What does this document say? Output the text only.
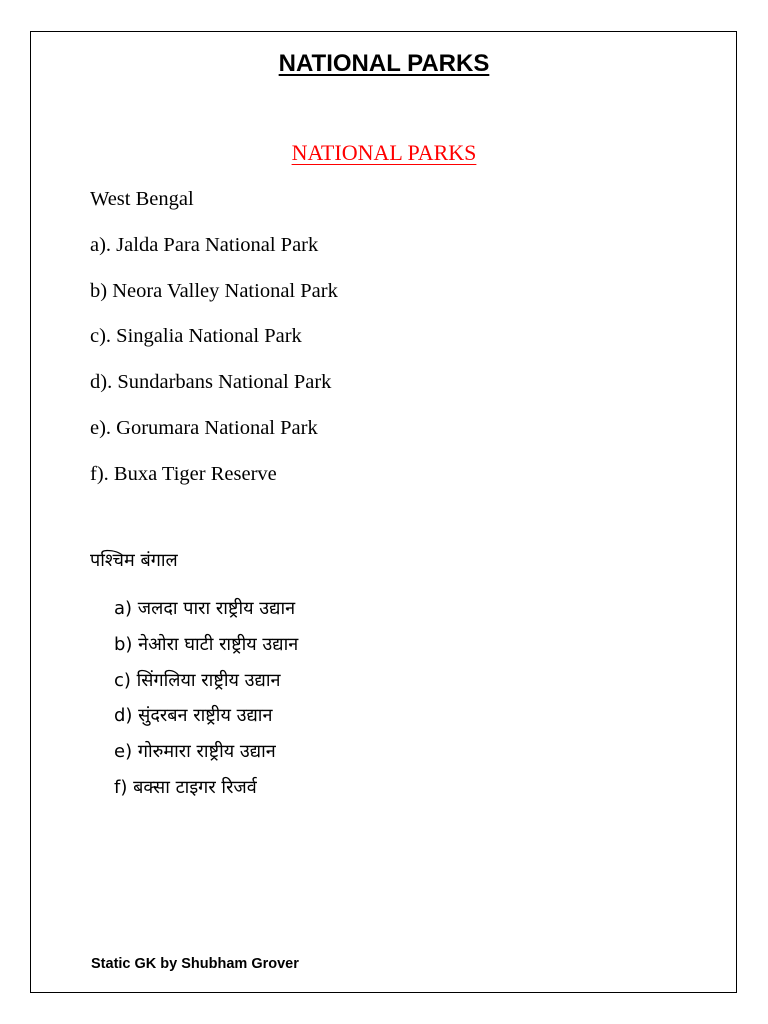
NATIONAL PARKS
NATIONAL PARKS
West Bengal
a). Jalda Para National Park
b) Neora Valley National Park
c). Singalia National Park
d). Sundarbans National Park
e). Gorumara National Park
f). Buxa Tiger Reserve
पश्चिम बंगाल
a) जलदा पारा राष्ट्रीय उद्यान
b) नेओरा घाटी राष्ट्रीय उद्यान
c) सिंगलिया राष्ट्रीय उद्यान
d) सुंदरबन राष्ट्रीय उद्यान
e) गोरुमारा राष्ट्रीय उद्यान
f) बक्सा टाइगर रिजर्व
Static GK by Shubham Grover
